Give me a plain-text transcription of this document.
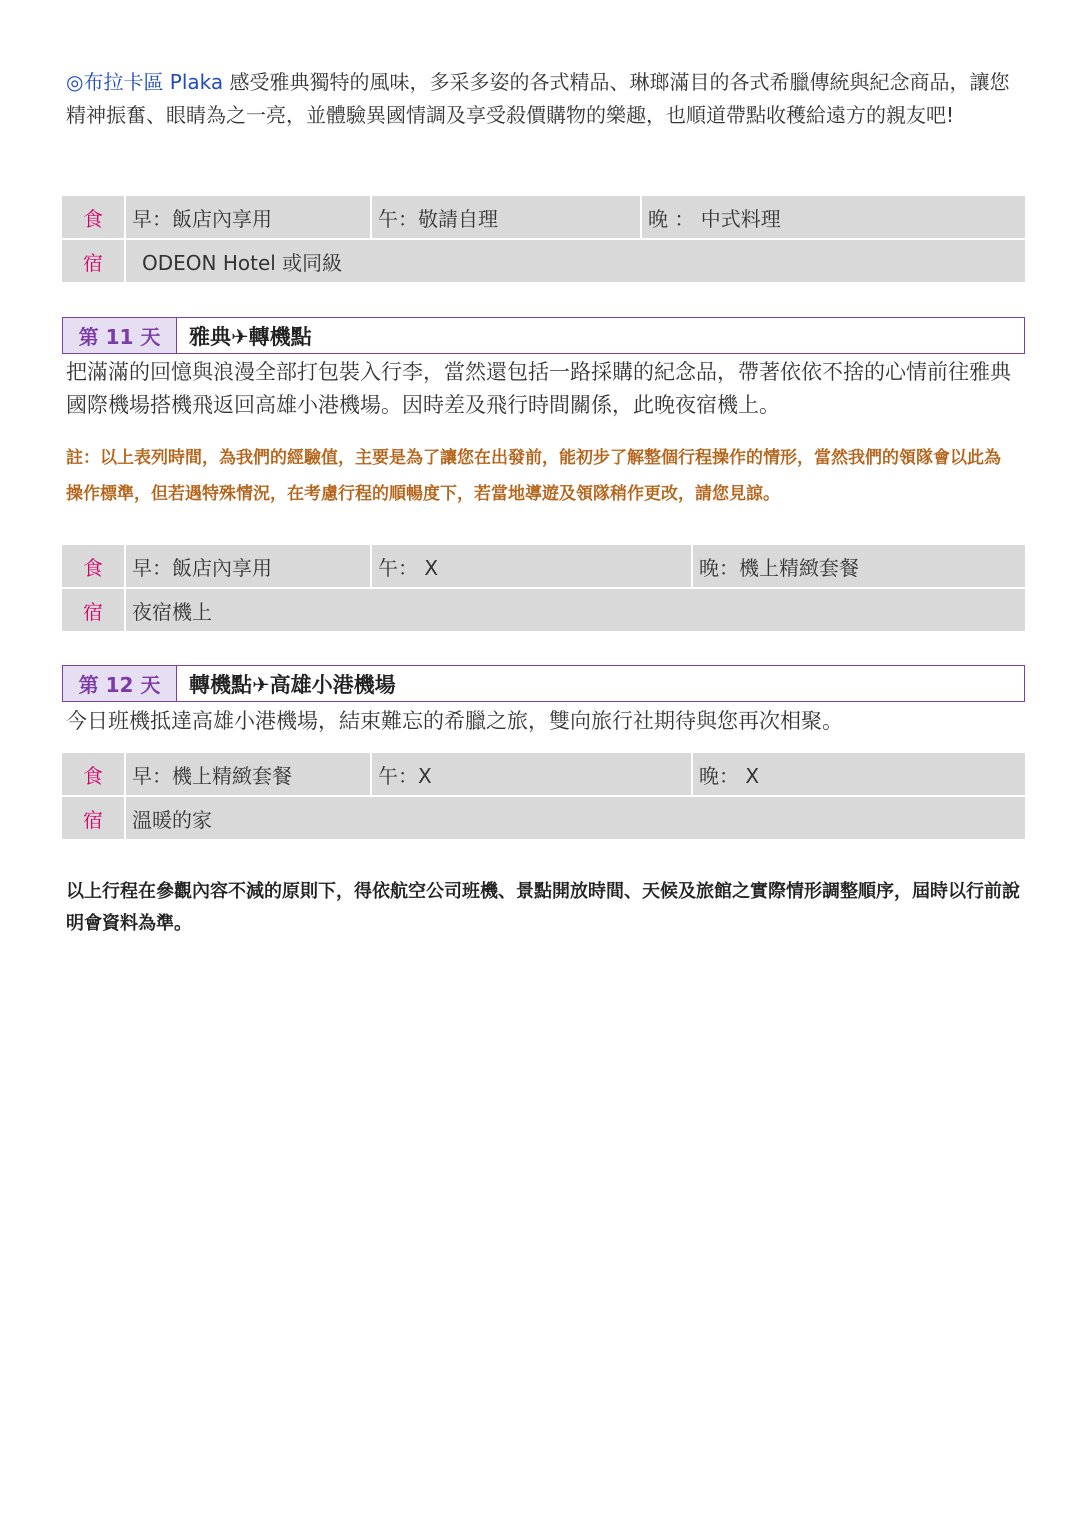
◎布拉卡區 Plaka 感受雅典獨特的風味，多采多姿的各式精品、琳瑯滿目的各式希臘傳統與紀念商品，讓您精神振奮、眼睛為之一亮，並體驗異國情調及享受殺價購物的樂趣，也順道帶點收穫給遠方的親友吧!
食	早：飯店內享用	午：敬請自理	晚 ： 中式料理
宿	ODEON Hotel 或同級		
第 11 天	雅典✈轉機點
把滿滿的回憶與浪漫全部打包裝入行李，當然還包括一路採購的紀念品，帶著依依不捨的心情前往雅典國際機場搭機飛返回高雄小港機場。因時差及飛行時間關係，此晚夜宿機上。
註：以上表列時間，為我們的經驗值，主要是為了讓您在出發前，能初步了解整個行程操作的情形，當然我們的領隊會以此為操作標準，但若遇特殊情況，在考慮行程的順暢度下，若當地導遊及領隊稍作更改，請您見諒。
食	早：飯店內享用	午： X	晚：機上精緻套餐
宿	夜宿機上		
第 12 天	轉機點✈高雄小港機場
今日班機抵達高雄小港機場，結束難忘的希臘之旅，雙向旅行社期待與您再次相聚。
食	早：機上精緻套餐	午：X	晚： X
宿	溫暖的家		
以上行程在參觀內容不減的原則下，得依航空公司班機、景點開放時間、天候及旅館之實際情形調整順序，屆時以行前說明會資料為準。
